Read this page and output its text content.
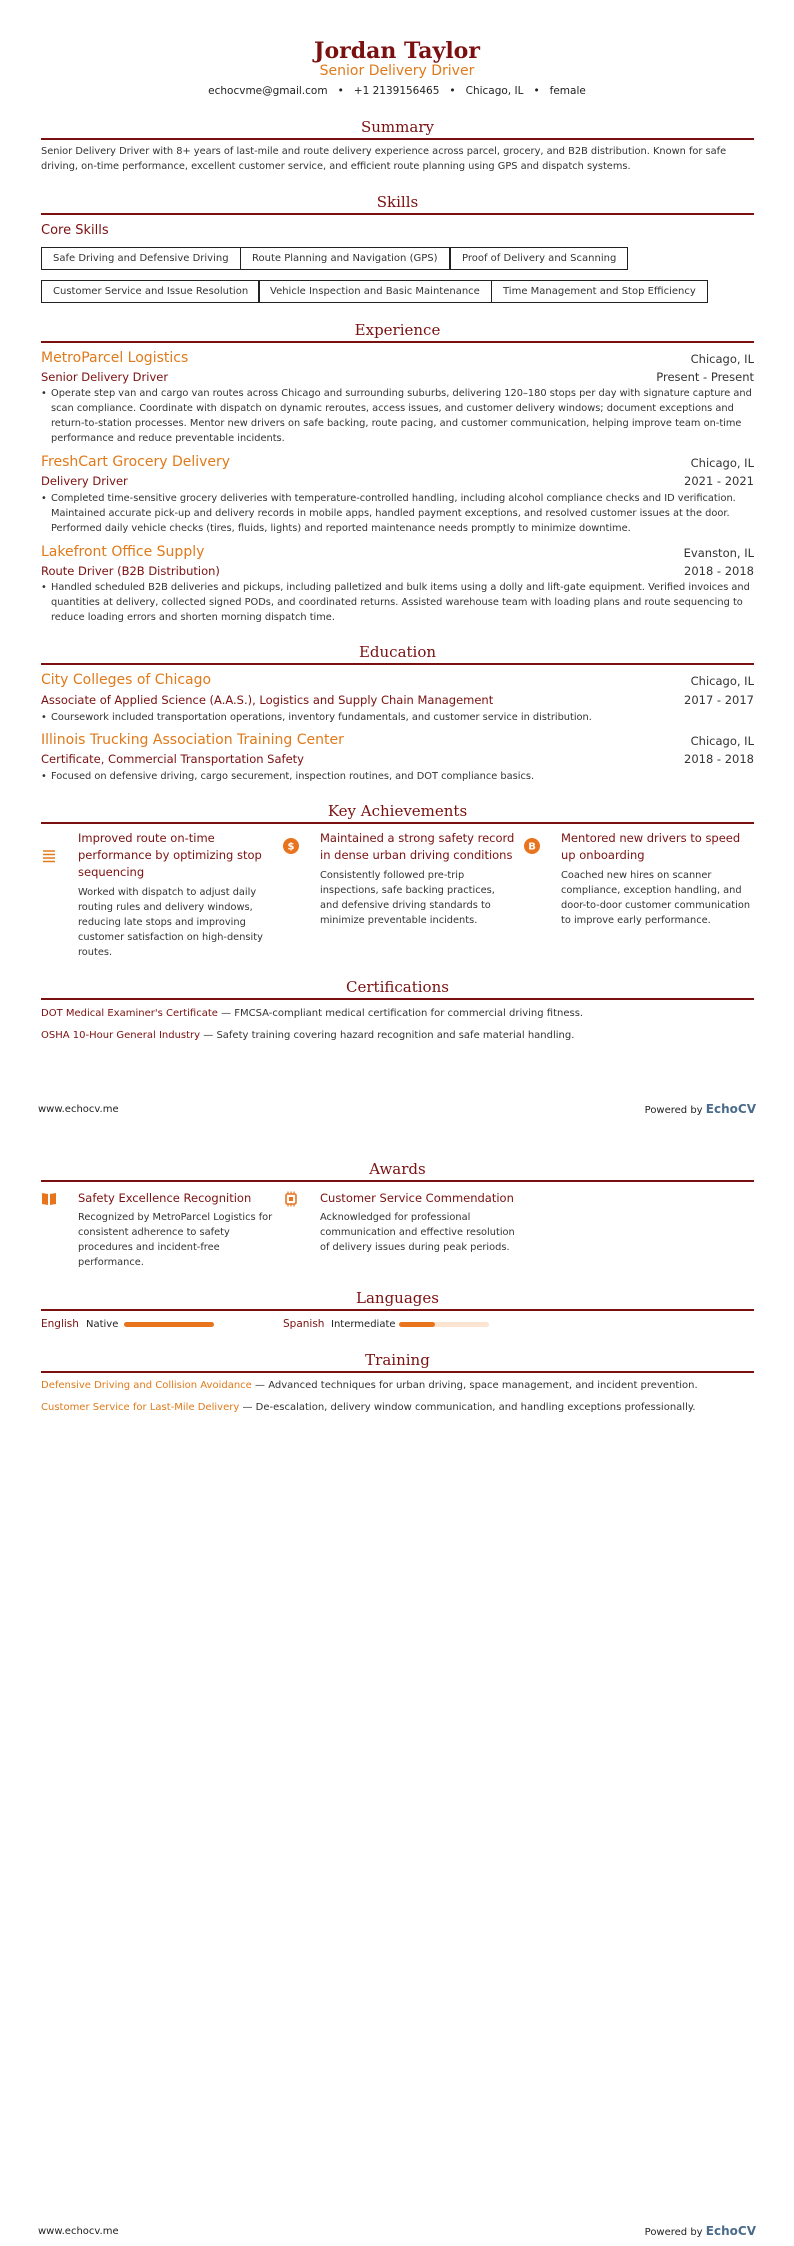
Jordan Taylor
Senior Delivery Driver
echocvme@gmail.com • +1 2139156465 • Chicago, IL • female
Summary
Senior Delivery Driver with 8+ years of last-mile and route delivery experience across parcel, grocery, and B2B distribution. Known for safe driving, on-time performance, excellent customer service, and efficient route planning using GPS and dispatch systems.
Skills
Core Skills
Safe Driving and Defensive Driving	Route Planning and Navigation (GPS)	Proof of Delivery and Scanning
Customer Service and Issue Resolution	Vehicle Inspection and Basic Maintenance	Time Management and Stop Efficiency
Experience
MetroParcel Logistics	Chicago, IL
Senior Delivery Driver	Present - Present
• Operate step van and cargo van routes across Chicago and surrounding suburbs, delivering 120–180 stops per day with signature capture and scan compliance. Coordinate with dispatch on dynamic reroutes, access issues, and customer delivery windows; document exceptions and return-to-station processes. Mentor new drivers on safe backing, route pacing, and customer communication, helping improve team on-time performance and reduce preventable incidents.
FreshCart Grocery Delivery	Chicago, IL
Delivery Driver	2021 - 2021
• Completed time-sensitive grocery deliveries with temperature-controlled handling, including alcohol compliance checks and ID verification. Maintained accurate pick-up and delivery records in mobile apps, handled payment exceptions, and resolved customer issues at the door. Performed daily vehicle checks (tires, fluids, lights) and reported maintenance needs promptly to minimize downtime.
Lakefront Office Supply	Evanston, IL
Route Driver (B2B Distribution)	2018 - 2018
• Handled scheduled B2B deliveries and pickups, including palletized and bulk items using a dolly and lift-gate equipment. Verified invoices and quantities at delivery, collected signed PODs, and coordinated returns. Assisted warehouse team with loading plans and route sequencing to reduce loading errors and shorten morning dispatch time.
Education
City Colleges of Chicago	Chicago, IL
Associate of Applied Science (A.A.S.), Logistics and Supply Chain Management	2017 - 2017
• Coursework included transportation operations, inventory fundamentals, and customer service in distribution.
Illinois Trucking Association Training Center	Chicago, IL
Certificate, Commercial Transportation Safety	2018 - 2018
• Focused on defensive driving, cargo securement, inspection routines, and DOT compliance basics.
Key Achievements
Improved route on-time performance by optimizing stop sequencing
Worked with dispatch to adjust daily routing rules and delivery windows, reducing late stops and improving customer satisfaction on high-density routes.
$
Maintained a strong safety record in dense urban driving conditions
Consistently followed pre-trip inspections, safe backing practices, and defensive driving standards to minimize preventable incidents.
B
Mentored new drivers to speed up onboarding
Coached new hires on scanner compliance, exception handling, and door-to-door customer communication to improve early performance.
Certifications
DOT Medical Examiner's Certificate — FMCSA-compliant medical certification for commercial driving fitness.
OSHA 10-Hour General Industry — Safety training covering hazard recognition and safe material handling.
www.echocv.me	Powered by EchoCV
Awards
Safety Excellence Recognition
Recognized by MetroParcel Logistics for consistent adherence to safety procedures and incident-free performance.
Customer Service Commendation
Acknowledged for professional communication and effective resolution of delivery issues during peak periods.
Languages
English Native	Spanish Intermediate
Training
Defensive Driving and Collision Avoidance — Advanced techniques for urban driving, space management, and incident prevention.
Customer Service for Last-Mile Delivery — De-escalation, delivery window communication, and handling exceptions professionally.
www.echocv.me	Powered by EchoCV
